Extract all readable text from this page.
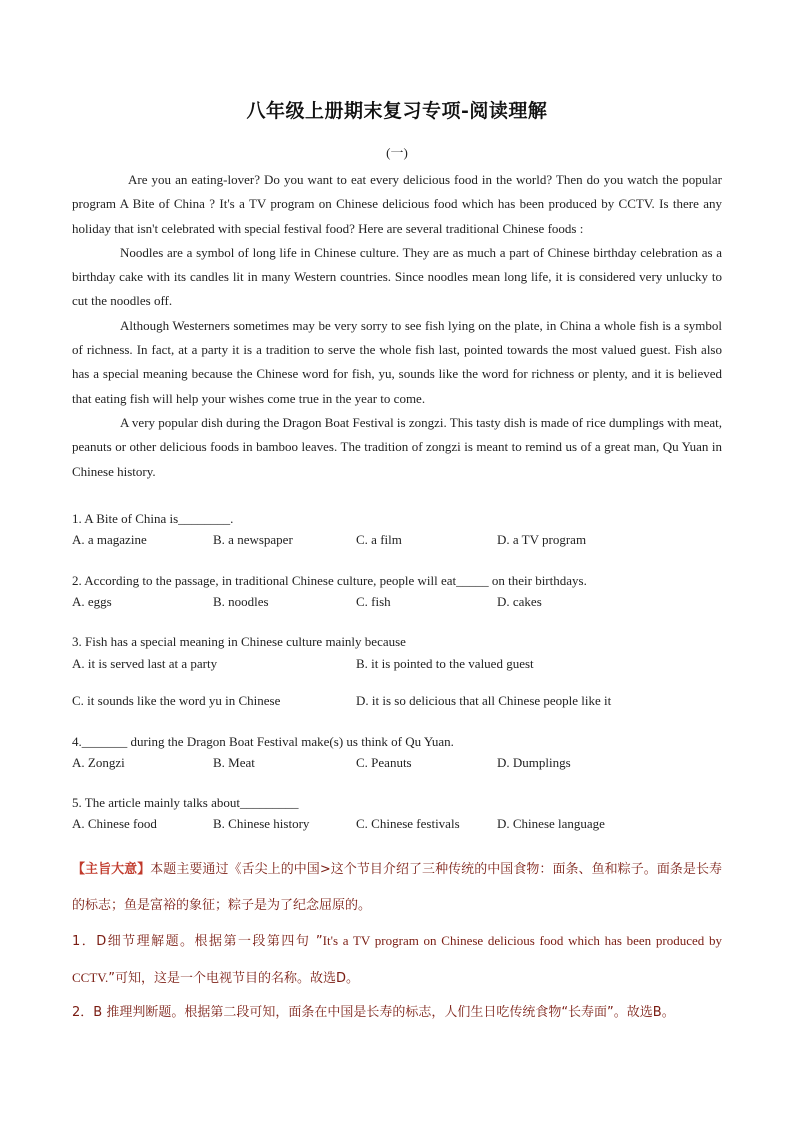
八年级上册期末复习专项-阅读理解
(一)

Are you an eating-lover? Do you want to eat every delicious food in the world? Then do you watch the popular program A Bite of China ? It's a TV program on Chinese delicious food which has been produced by CCTV. Is there any holiday that isn't celebrated with special festival food? Here are several traditional Chinese foods :

Noodles are a symbol of long life in Chinese culture. They are as much a part of Chinese birthday celebration as a birthday cake with its candles lit in many Western countries. Since noodles mean long life, it is considered very unlucky to cut the noodles off.

Although Westerners sometimes may be very sorry to see fish lying on the plate, in China a whole fish is a symbol of richness. In fact, at a party it is a tradition to serve the whole fish last, pointed towards the most valued guest. Fish also has a special meaning because the Chinese word for fish, yu, sounds like the word for richness or plenty, and it is believed that eating fish will help your wishes come true in the year to come.

A very popular dish during the Dragon Boat Festival is zongzi. This tasty dish is made of rice dumplings with meat, peanuts or other delicious foods in bamboo leaves. The tradition of zongzi is meant to remind us of a great man, Qu Yuan in Chinese history.

1. A Bite of China is________.
A. a magazine	B. a newspaper	C. a film	D. a TV program
2. According to the passage, in traditional Chinese culture, people will eat_____ on their birthdays.
A. eggs	B. noodles	C. fish	D. cakes
3. Fish has a special meaning in Chinese culture mainly because
A. it is served last at a party	B. it is pointed to the valued guest
C. it sounds like the word yu in Chinese	D. it is so delicious that all Chinese people like it
4._______ during the Dragon Boat Festival make(s) us think of Qu Yuan.
A. Zongzi	B. Meat	C. Peanuts	D. Dumplings
5. The article mainly talks about_________
A. Chinese food	B. Chinese history	C. Chinese festivals	D. Chinese language
【主旨大意】本题主要通过《舌尖上的中国>这个节目介绍了三种传统的中国食物：面条、鱼和粽子。面条是长寿的标志；鱼是富裕的象征；粽子是为了纪念屈原的。
1．D细节理解题。根据第一段第四句 ”It's a TV program on Chinese delicious food which has been produced by CCTV.”可知，这是一个电视节目的名称。故选D。
2．B 推理判断题。根据第二段可知，面条在中国是长寿的标志，人们生日吃传统食物“长寿面”。故选B。
